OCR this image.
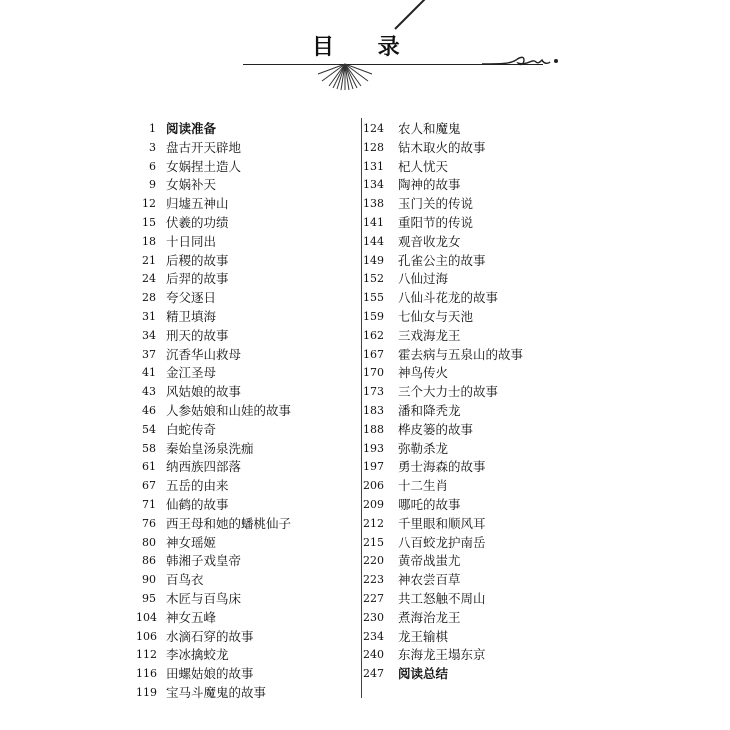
目 录
1 阅读准备
3 盘古开天辟地
6 女娲捏土造人
9 女娲补天
12 归墟五神山
15 伏羲的功绩
18 十日同出
21 后稷的故事
24 后羿的故事
28 夸父逐日
31 精卫填海
34 刑天的故事
37 沉香华山救母
41 金江圣母
43 风姑娘的故事
46 人参姑娘和山娃的故事
54 白蛇传奇
58 秦始皇汤泉洗痂
61 纳西族四部落
67 五岳的由来
71 仙鹤的故事
76 西王母和她的蟠桃仙子
80 神女瑶姬
86 韩湘子戏皇帝
90 百鸟衣
95 木匠与百鸟床
104 神女五峰
106 水滴石穿的故事
112 李冰擒蛟龙
116 田螺姑娘的故事
119 宝马斗魔鬼的故事
124 农人和魔鬼
128 钻木取火的故事
131 杞人忧天
134 陶神的故事
138 玉门关的传说
141 重阳节的传说
144 观音收龙女
149 孔雀公主的故事
152 八仙过海
155 八仙斗花龙的故事
159 七仙女与天池
162 三戏海龙王
167 霍去病与五泉山的故事
170 神鸟传火
173 三个大力士的故事
183 潘和降秃龙
188 桦皮篓的故事
193 弥勒杀龙
197 勇士海森的故事
206 十二生肖
209 哪吒的故事
212 千里眼和顺风耳
215 八百蛟龙护南岳
220 黄帝战蚩尤
223 神农尝百草
227 共工怒触不周山
230 煮海治龙王
234 龙王输棋
240 东海龙王塌东京
247 阅读总结
